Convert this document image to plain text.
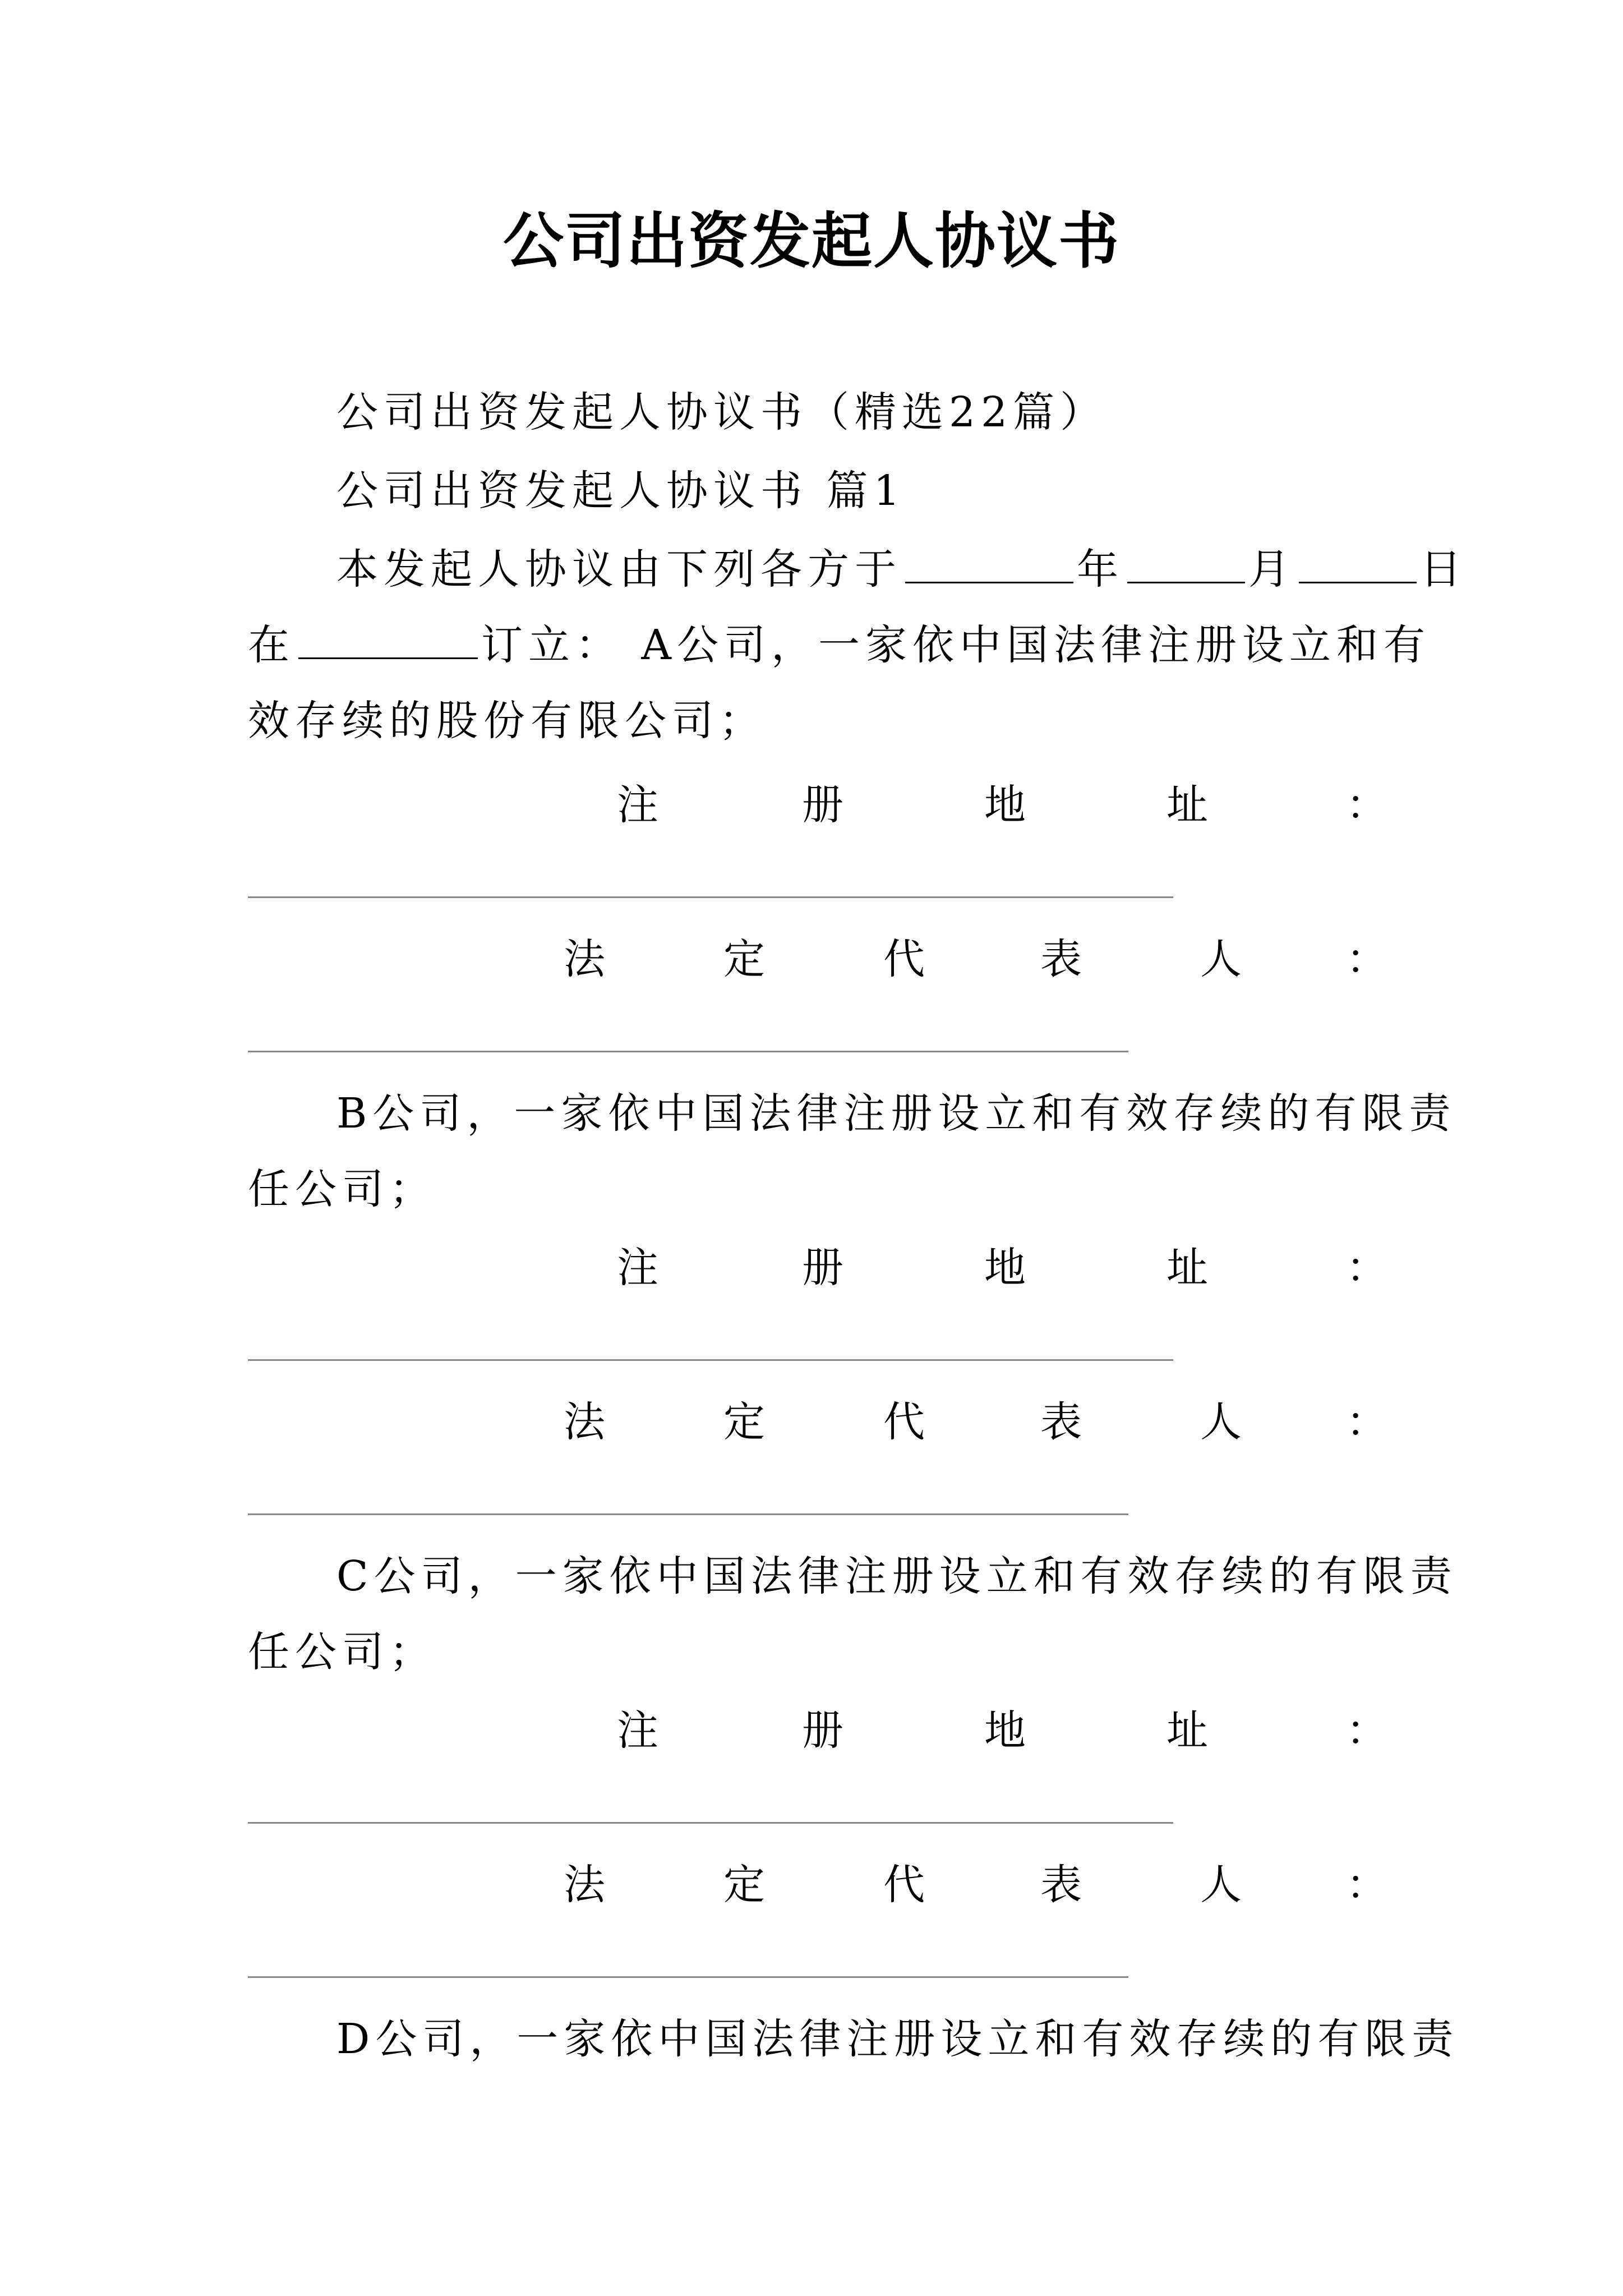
公司出资发起人协议书
公司出资发起人协议书（精选22篇）
公司出资发起人协议书 篇1
本发起人协议由下列各方于	年	月	日
在	订立： A公司，一家依中国法律注册设立和有
效存续的股份有限公司；
注	册	地	址	：
法	定	代	表	人	：
B公司，一家依中国法律注册设立和有效存续的有限责
任公司；
注	册	地	址	：
法	定	代	表	人	：
C公司，一家依中国法律注册设立和有效存续的有限责
任公司；
注	册	地	址	：
法	定	代	表	人	：
D公司，一家依中国法律注册设立和有效存续的有限责
